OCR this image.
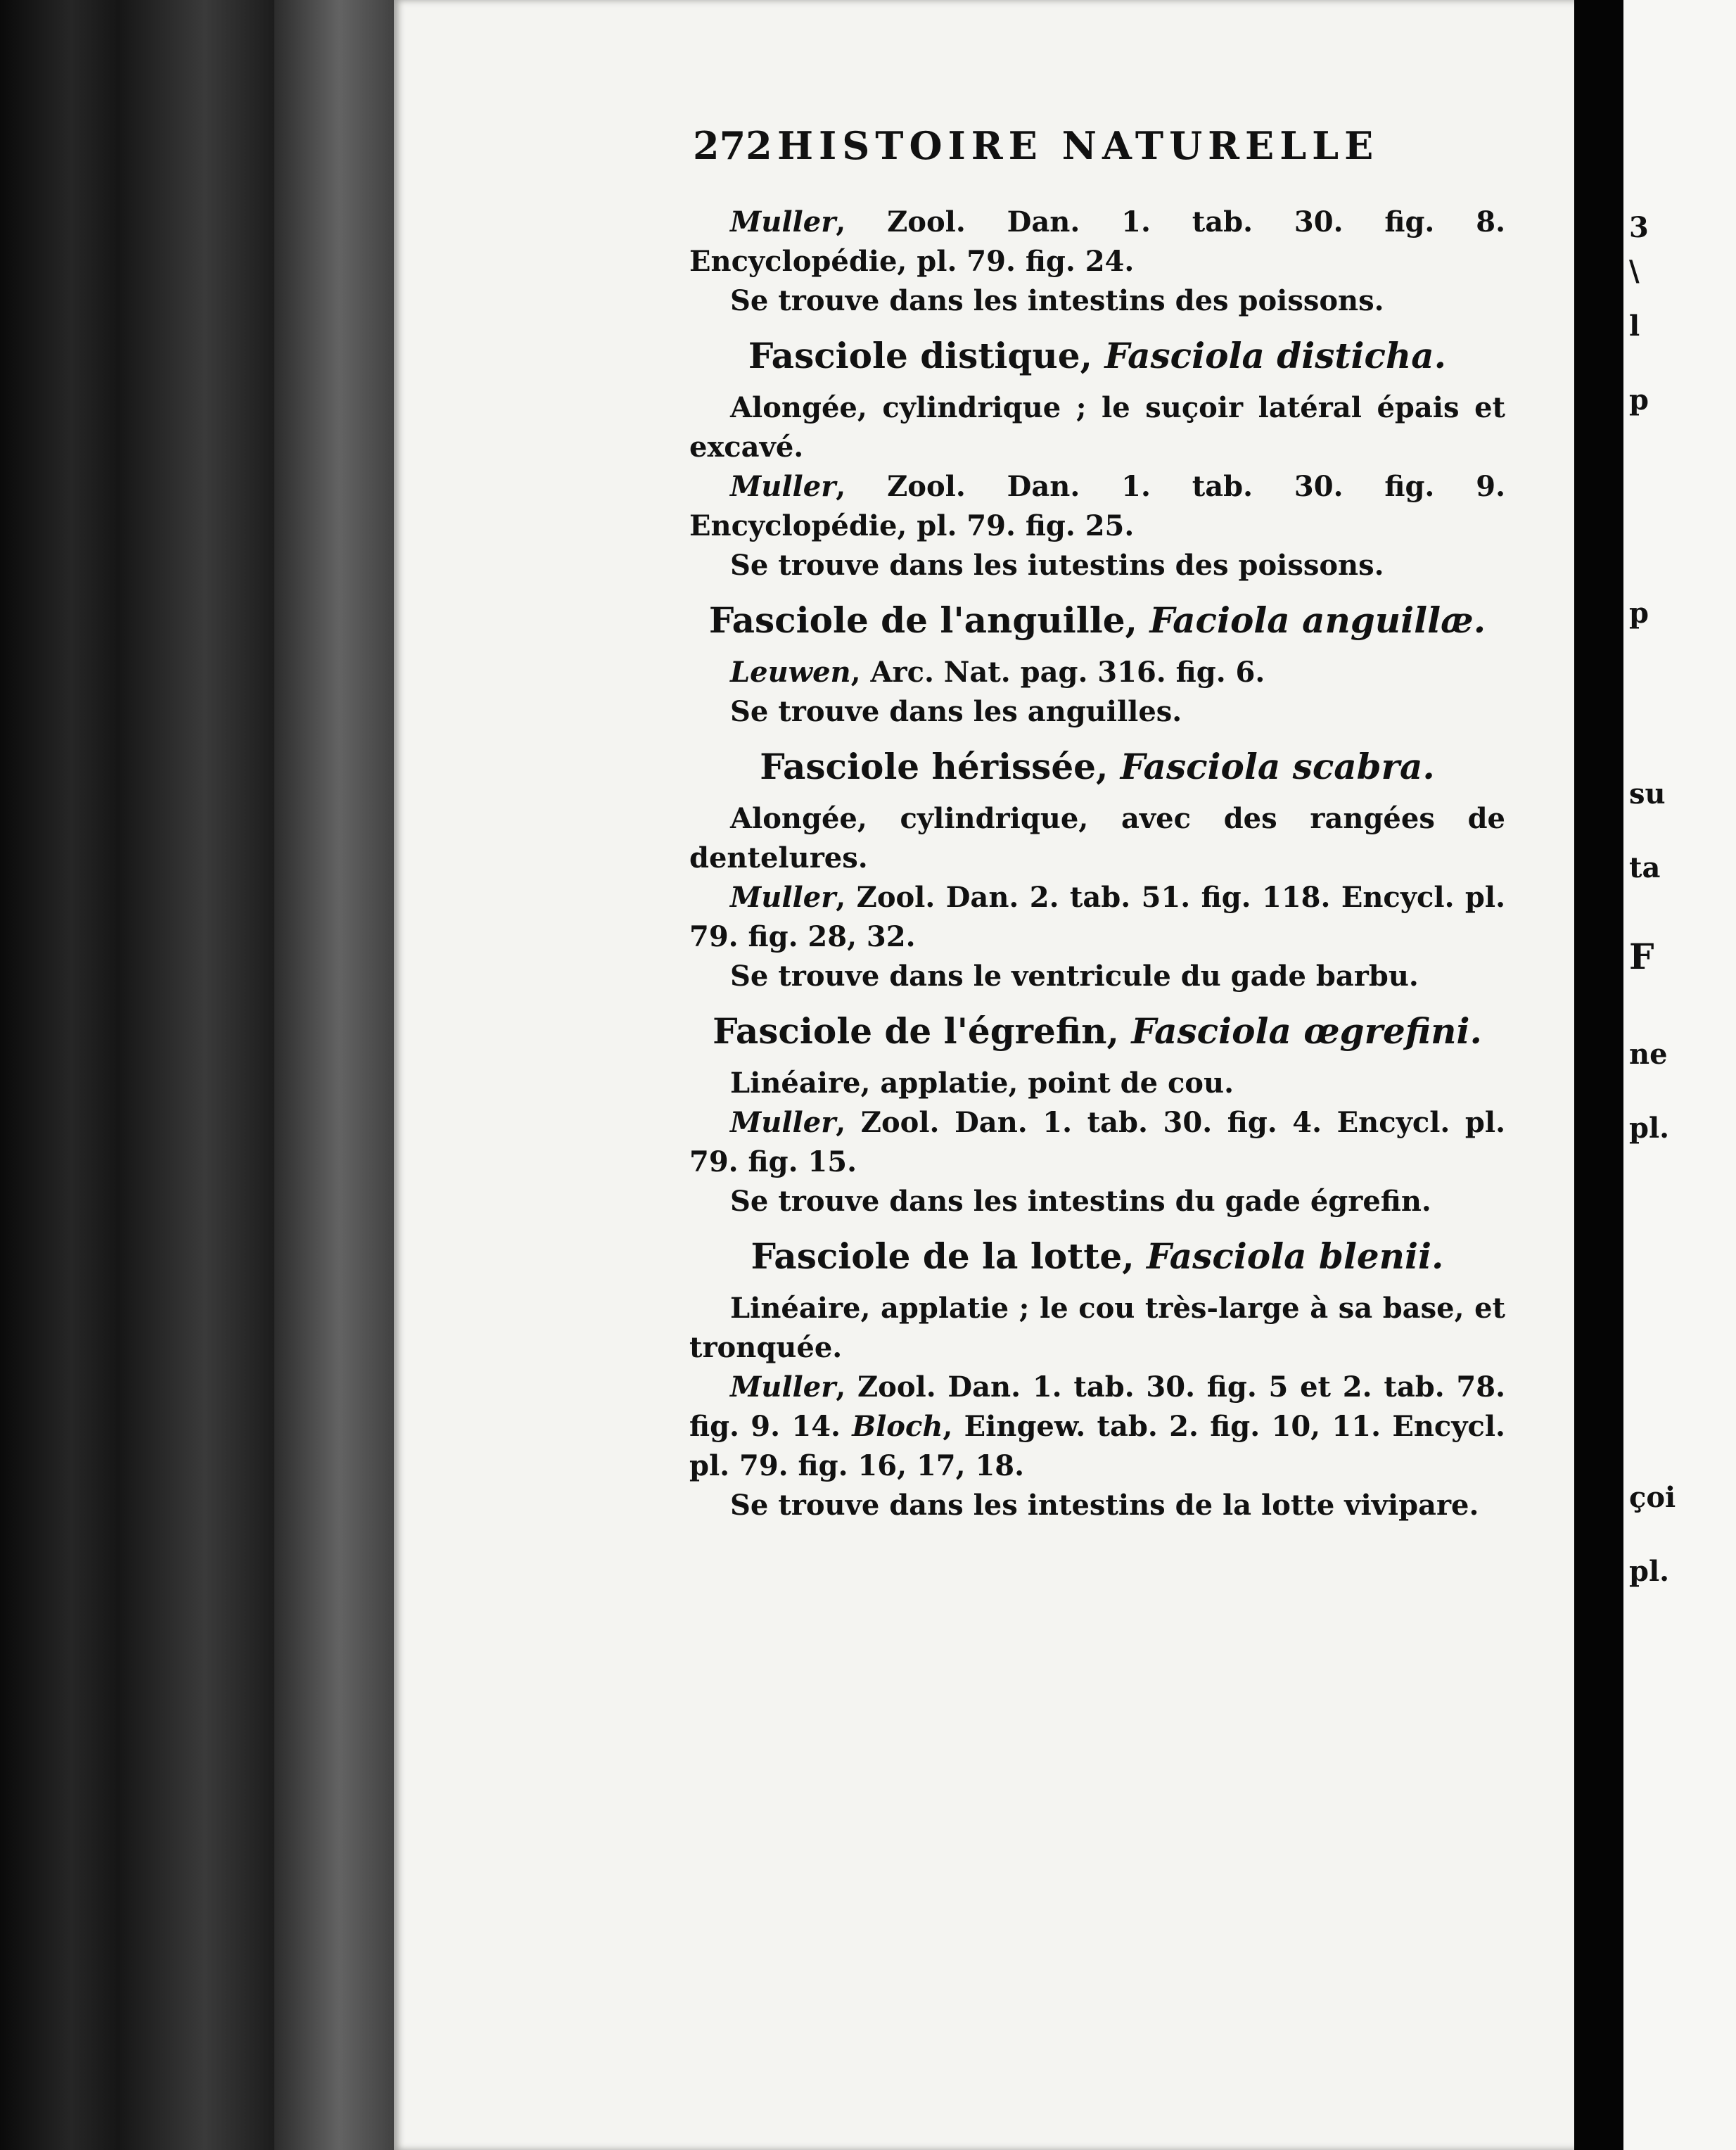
3
\
l
p
p
su
ta
F
ne
pl.
çoi
pl.
272 HISTOIRE NATURELLE

Muller, Zool. Dan. 1. tab. 30. fig. 8. Encyclopédie, pl. 79. fig. 24.

Se trouve dans les intestins des poissons.

Fasciole distique, Fasciola disticha.

Alongée, cylindrique ; le suçoir latéral épais et excavé.

Muller, Zool. Dan. 1. tab. 30. fig. 9. Encyclopédie, pl. 79. fig. 25.

Se trouve dans les iutestins des poissons.

Fasciole de l'anguille, Faciola anguillæ.

Leuwen, Arc. Nat. pag. 316. fig. 6.

Se trouve dans les anguilles.

Fasciole hérissée, Fasciola scabra.

Alongée, cylindrique, avec des rangées de dentelures.

Muller, Zool. Dan. 2. tab. 51. fig. 118. Encycl. pl. 79. fig. 28, 32.

Se trouve dans le ventricule du gade barbu.

Fasciole de l'égrefin, Fasciola œgrefini.

Linéaire, applatie, point de cou.

Muller, Zool. Dan. 1. tab. 30. fig. 4. Encycl. pl. 79. fig. 15.

Se trouve dans les intestins du gade égrefin.

Fasciole de la lotte, Fasciola blenii.

Linéaire, applatie ; le cou très-large à sa base, et tronquée.

Muller, Zool. Dan. 1. tab. 30. fig. 5 et 2. tab. 78. fig. 9. 14. Bloch, Eingew. tab. 2. fig. 10, 11. Encycl. pl. 79. fig. 16, 17, 18.

Se trouve dans les intestins de la lotte vivipare.
